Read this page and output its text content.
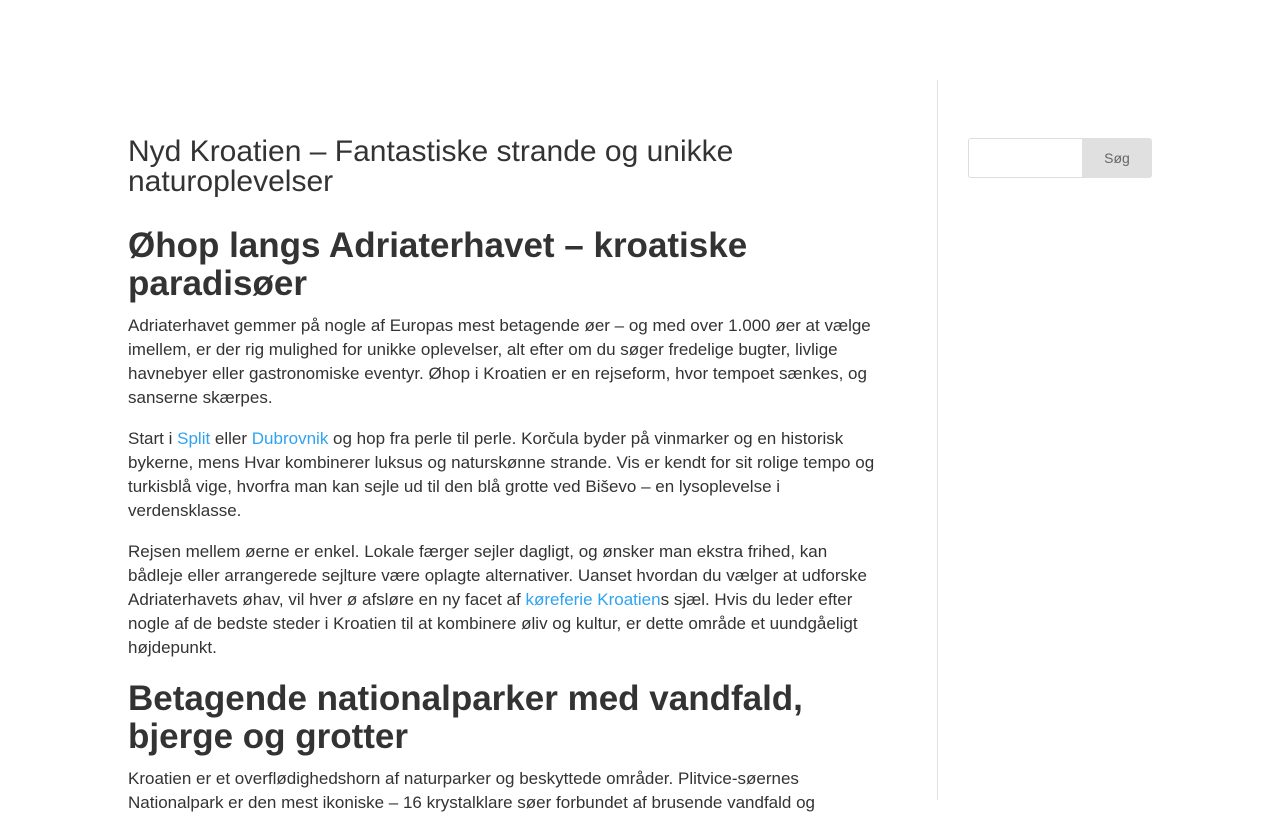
Nyd Kroatien – Fantastiske strande og unikke naturoplevelser
Øhop langs Adriaterhavet – kroatiske paradisøer

Adriaterhavet gemmer på nogle af Europas mest betagende øer – og med over 1.000 øer at vælge imellem, er der rig mulighed for unikke oplevelser, alt efter om du søger fredelige bugter, livlige havnebyer eller gastronomiske eventyr. Øhop i Kroatien er en rejseform, hvor tempoet sænkes, og sanserne skærpes.

Start i Split eller Dubrovnik og hop fra perle til perle. Korčula byder på vinmarker og en historisk bykerne, mens Hvar kombinerer luksus og naturskønne strande. Vis er kendt for sit rolige tempo og turkisblå vige, hvorfra man kan sejle ud til den blå grotte ved Biševo – en lysoplevelse i verdensklasse.

Rejsen mellem øerne er enkel. Lokale færger sejler dagligt, og ønsker man ekstra frihed, kan bådleje eller arrangerede sejlture være oplagte alternativer. Uanset hvordan du vælger at udforske Adriaterhavets øhav, vil hver ø afsløre en ny facet af køreferie Kroatiens sjæl. Hvis du leder efter nogle af de bedste steder i Kroatien til at kombinere øliv og kultur, er dette område et uundgåeligt højdepunkt.

Betagende nationalparker med vandfald, bjerge og grotter

Kroatien er et overflødighedshorn af naturparker og beskyttede områder. Plitvice-søernes Nationalpark er den mest ikoniske – 16 krystalklare søer forbundet af brusende vandfald og

Søg
